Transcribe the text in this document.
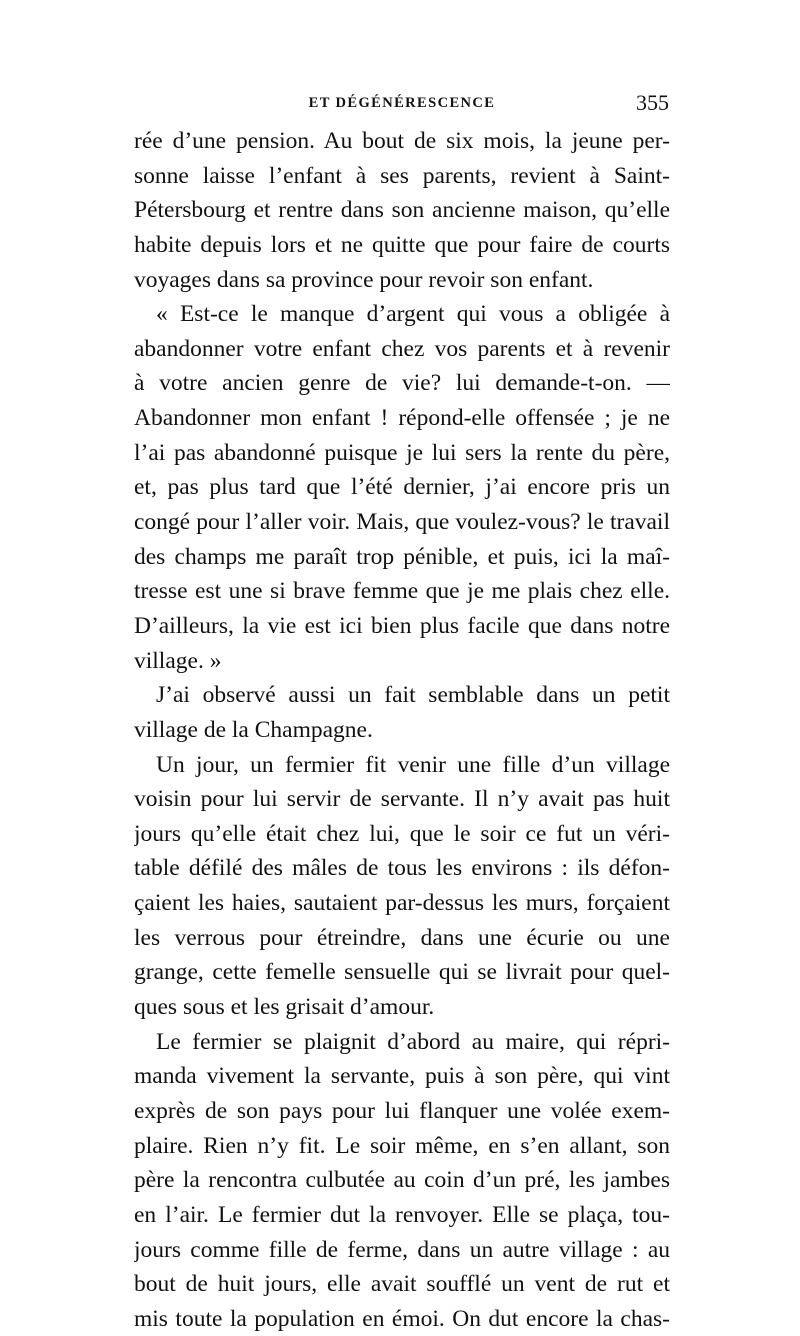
ET DÉGÉNÉRESCENCE	355
rée d’une pension. Au bout de six mois, la jeune per-
sonne laisse l’enfant à ses parents, revient à Saint-
Pétersbourg et rentre dans son ancienne maison, qu’elle
habite depuis lors et ne quitte que pour faire de courts
voyages dans sa province pour revoir son enfant.
« Est-ce le manque d’argent qui vous a obligée à
abandonner votre enfant chez vos parents et à revenir
à votre ancien genre de vie? lui demande-t-on. —
Abandonner mon enfant ! répond-elle offensée ; je ne
l’ai pas abandonné puisque je lui sers la rente du père,
et, pas plus tard que l’été dernier, j’ai encore pris un
congé pour l’aller voir. Mais, que voulez-vous? le travail
des champs me paraît trop pénible, et puis, ici la maî-
tresse est une si brave femme que je me plais chez elle.
D’ailleurs, la vie est ici bien plus facile que dans notre
village. »
J’ai observé aussi un fait semblable dans un petit
village de la Champagne.
Un jour, un fermier fit venir une fille d’un village
voisin pour lui servir de servante. Il n’y avait pas huit
jours qu’elle était chez lui, que le soir ce fut un véri-
table défilé des mâles de tous les environs : ils défon-
çaient les haies, sautaient par-dessus les murs, forçaient
les verrous pour étreindre, dans une écurie ou une
grange, cette femelle sensuelle qui se livrait pour quel-
ques sous et les grisait d’amour.
Le fermier se plaignit d’abord au maire, qui répri-
manda vivement la servante, puis à son père, qui vint
exprès de son pays pour lui flanquer une volée exem-
plaire. Rien n’y fit. Le soir même, en s’en allant, son
père la rencontra culbutée au coin d’un pré, les jambes
en l’air. Le fermier dut la renvoyer. Elle se plaça, tou-
jours comme fille de ferme, dans un autre village : au
bout de huit jours, elle avait soufflé un vent de rut et
mis toute la population en émoi. On dut encore la chas-
